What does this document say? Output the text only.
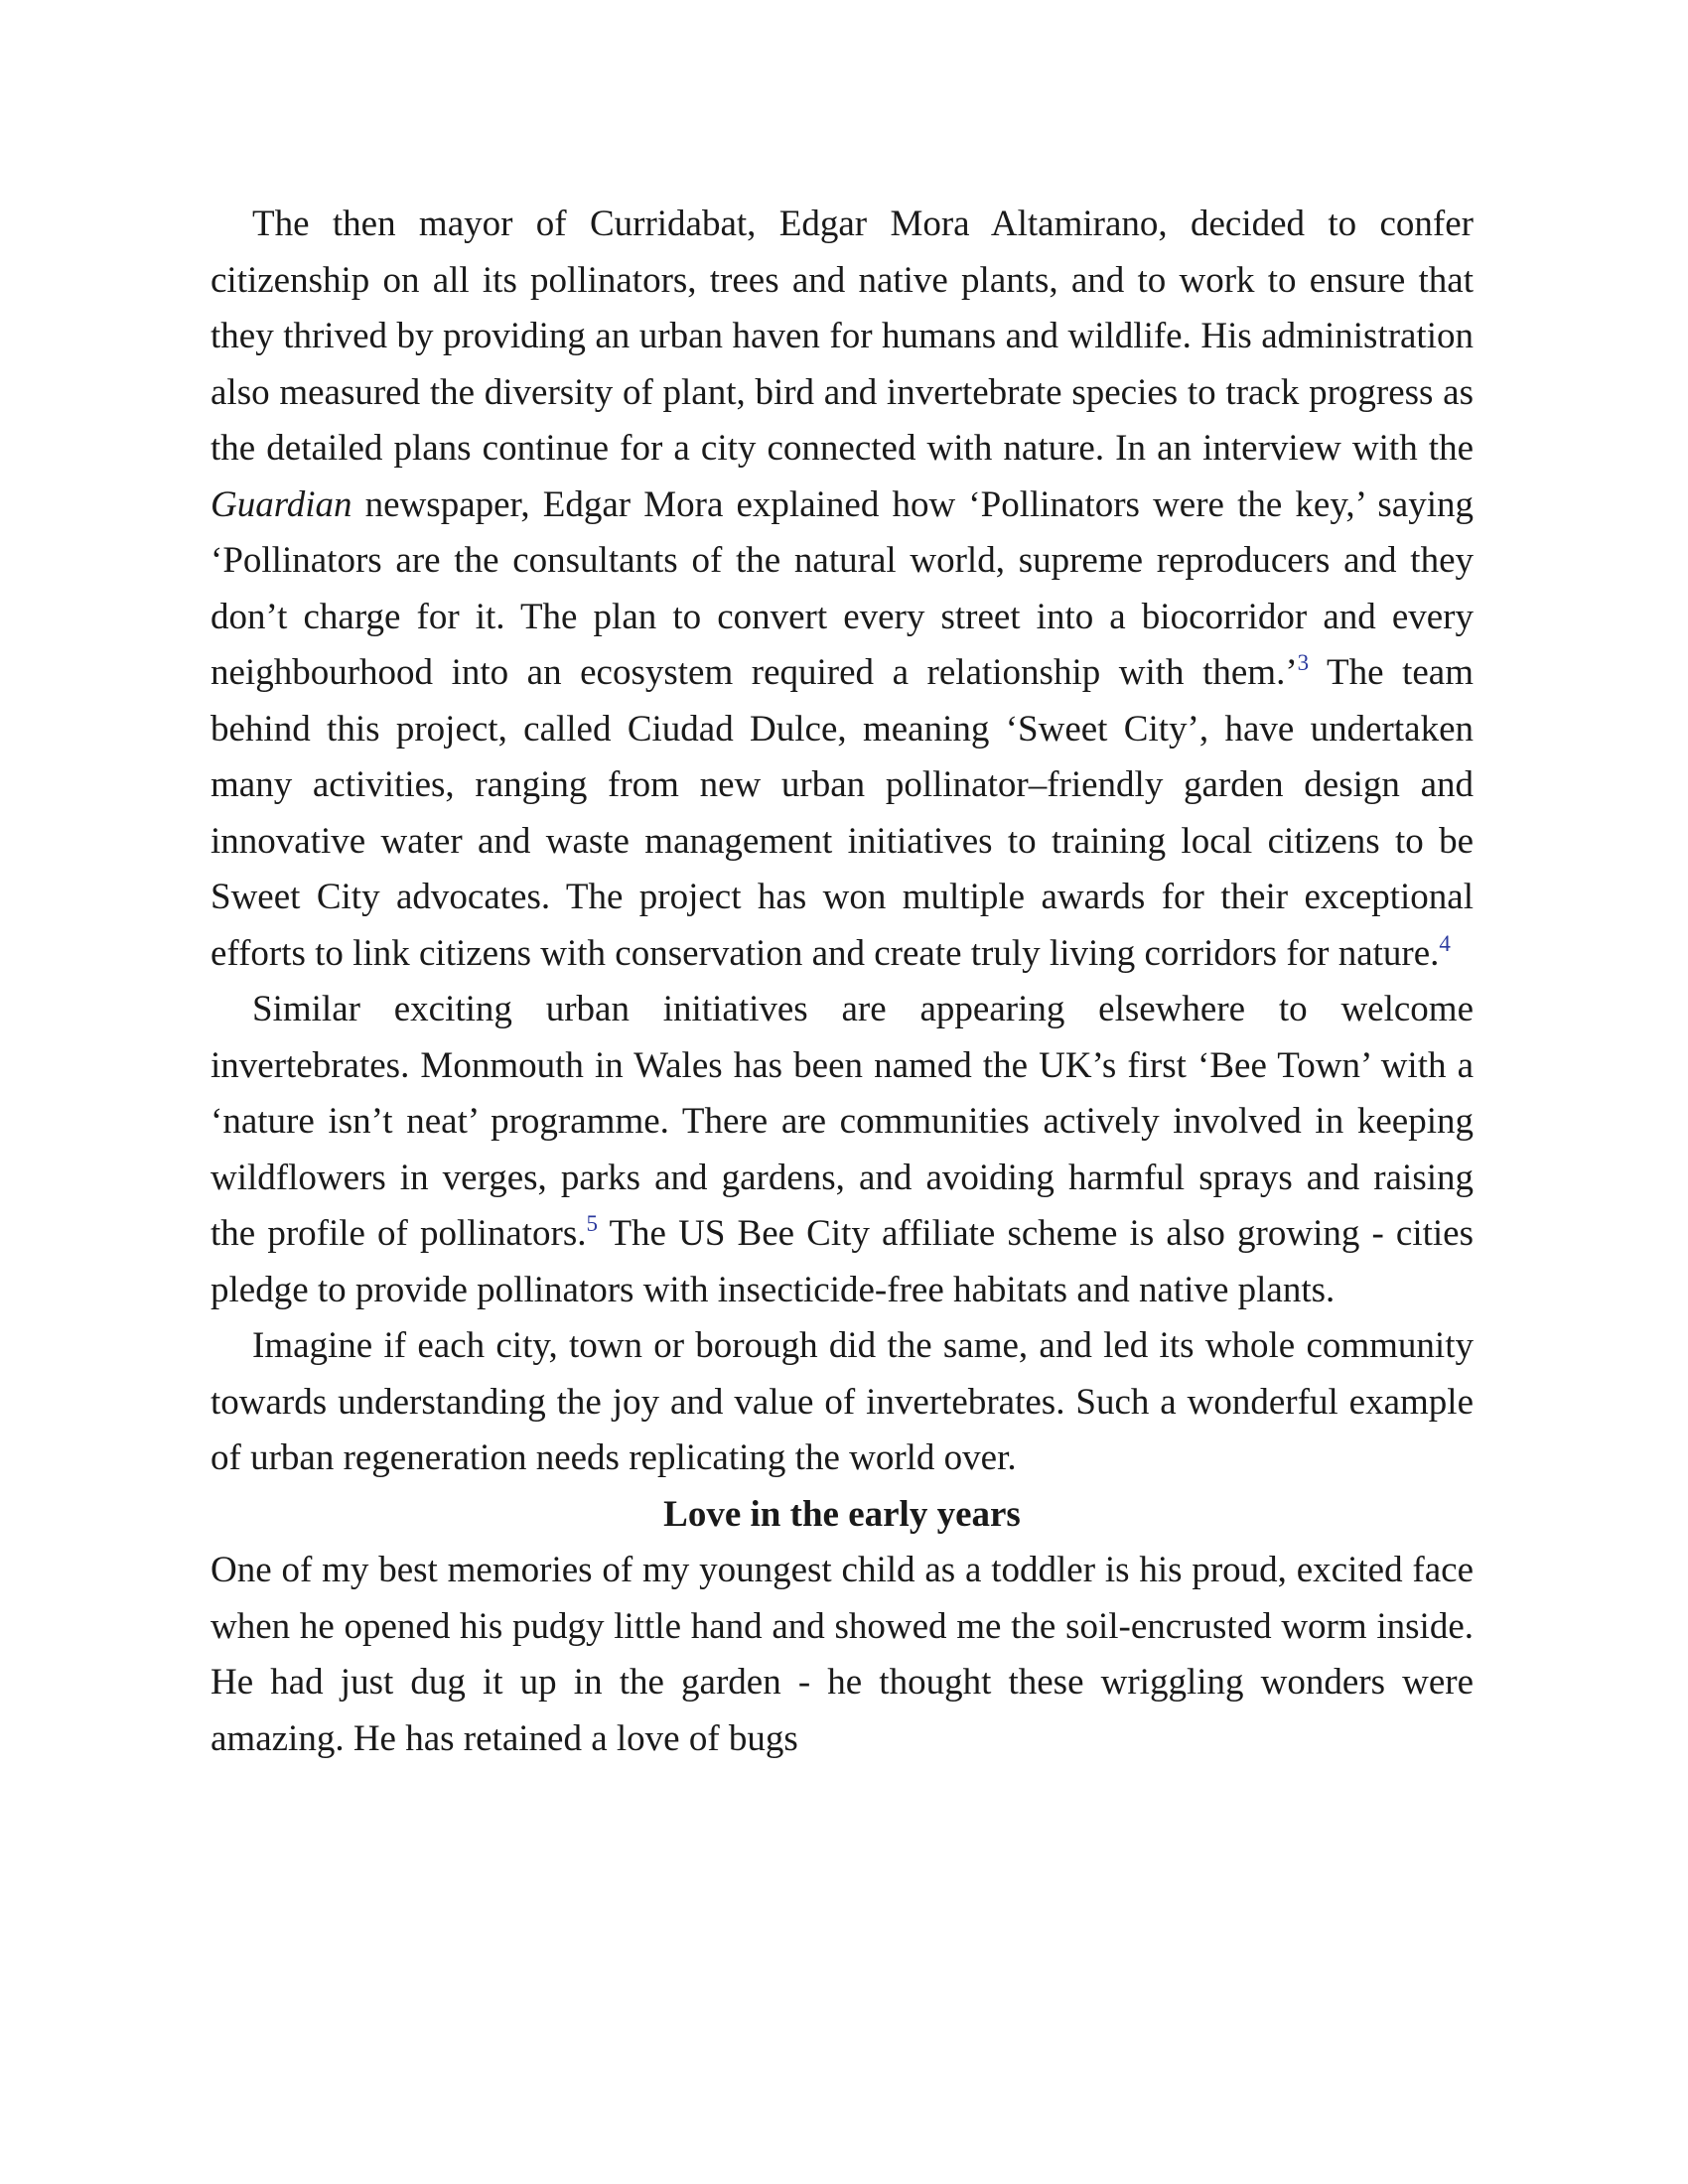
The then mayor of Curridabat, Edgar Mora Altamirano, decided to confer citizenship on all its pollinators, trees and native plants, and to work to ensure that they thrived by providing an urban haven for humans and wildlife. His administration also measured the diversity of plant, bird and invertebrate species to track progress as the detailed plans continue for a city connected with nature. In an interview with the Guardian newspaper, Edgar Mora explained how ‘Pollinators were the key,’ saying ‘Pollinators are the consultants of the natural world, supreme reproducers and they don’t charge for it. The plan to convert every street into a biocorridor and every neighbourhood into an ecosystem required a relationship with them.’$^3$ The team behind this project, called Ciudad Dulce, meaning ‘Sweet City’, have undertaken many activities, ranging from new urban pollinator–friendly garden design and innovative water and waste management initiatives to training local citizens to be Sweet City advocates. The project has won multiple awards for their exceptional efforts to link citizens with conservation and create truly living corridors for nature.$^4$

Similar exciting urban initiatives are appearing elsewhere to welcome invertebrates. Monmouth in Wales has been named the UK’s first ‘Bee Town’ with a ‘nature isn’t neat’ programme. There are communities actively involved in keeping wildflowers in verges, parks and gardens, and avoiding harmful sprays and raising the profile of pollinators.$^5$ The US Bee City affiliate scheme is also growing - cities pledge to provide pollinators with insecticide-free habitats and native plants.

Imagine if each city, town or borough did the same, and led its whole community towards understanding the joy and value of invertebrates. Such a wonderful example of urban regeneration needs replicating the world over.

Love in the early years

One of my best memories of my youngest child as a toddler is his proud, excited face when he opened his pudgy little hand and showed me the soil-encrusted worm inside. He had just dug it up in the garden - he thought these wriggling wonders were amazing. He has retained a love of bugs
